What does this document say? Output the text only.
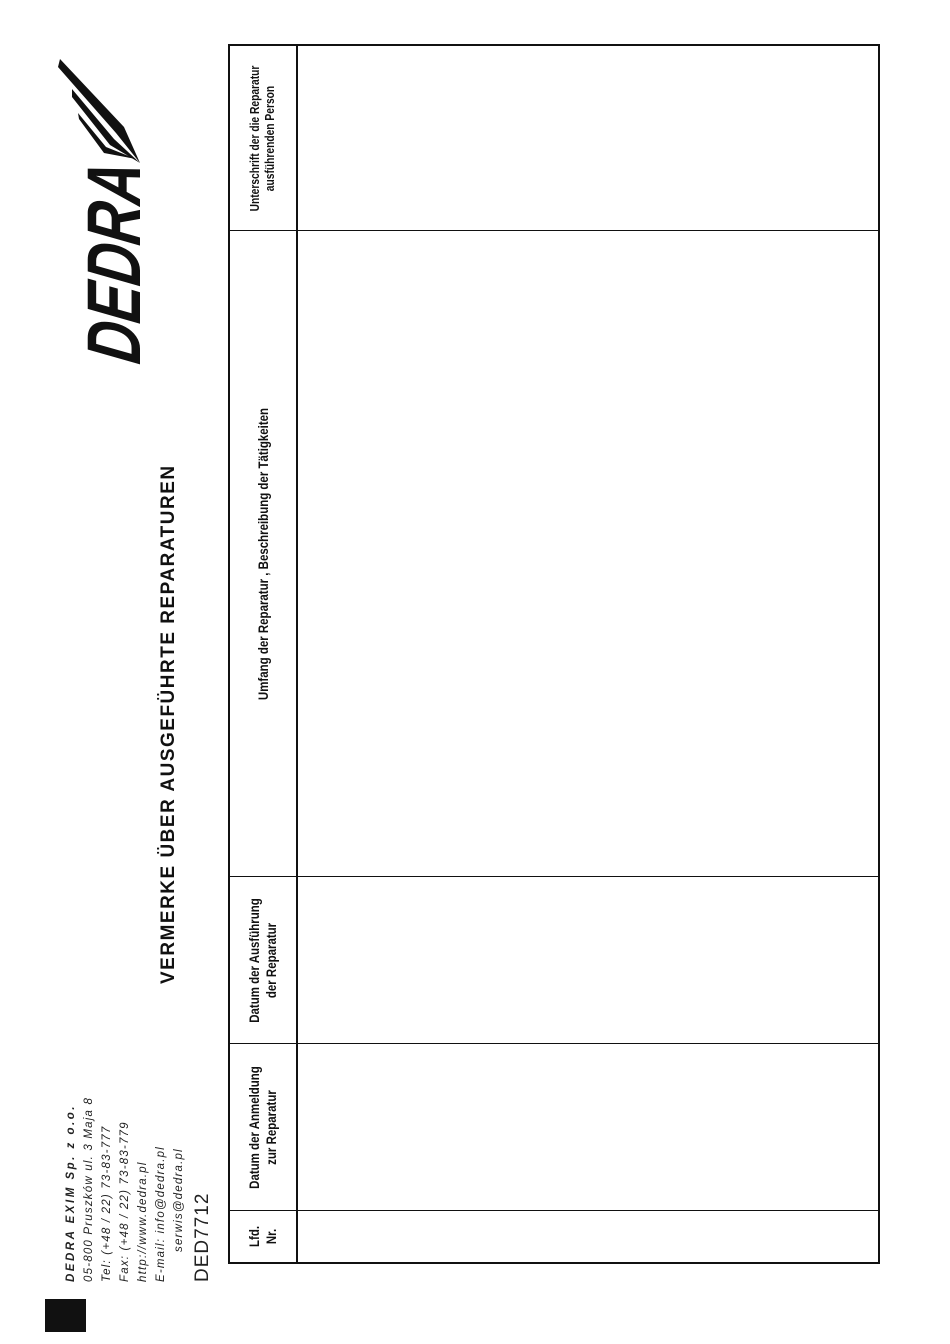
DEDRA EXIM Sp. z o.o. 05-800 Pruszków ul. 3 Maja 8 Tel: (+48 / 22) 73-83-777 Fax: (+48 / 22) 73-83-779 http://www.dedra.pl E-mail: info@dedra.pl serwis@dedra.pl DED7712
VERMERKE ÜBER AUSGEFÜHRTE REPARATUREN
DEDRA
Lfd.
Nr.
Datum der Anmeldung
zur Reparatur
Datum der Ausführung
der Reparatur
Umfang der Reparatur , Beschreibung der Tätigkeiten
Unterschrift der die Reparatur
ausführenden Person
